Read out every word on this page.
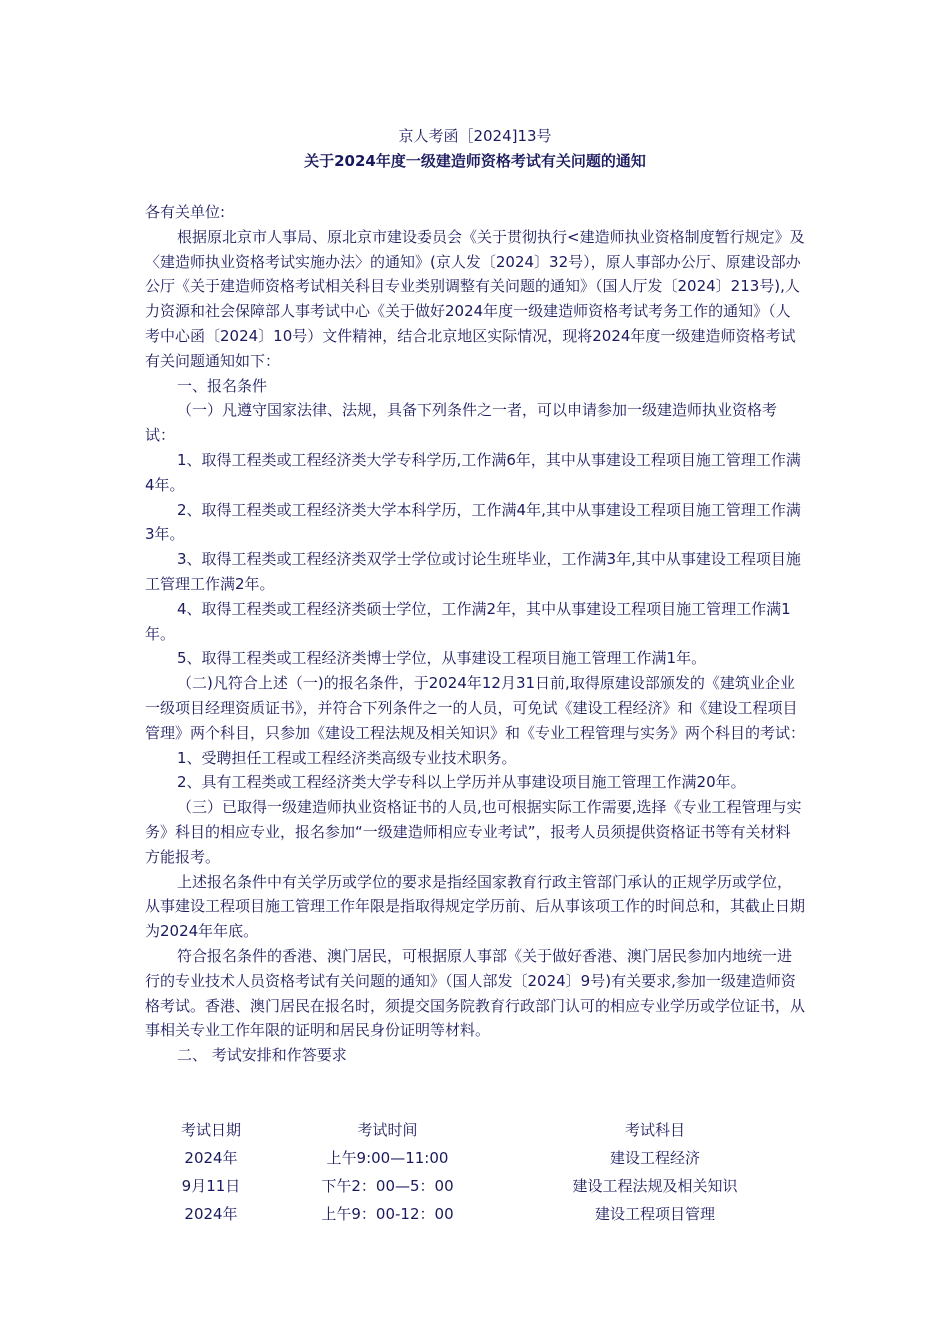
京人考函［2024]13号
关于2024年度一级建造师资格考试有关问题的通知

各有关单位:

根据原北京市人事局、原北京市建设委员会《关于贯彻执行<建造师执业资格制度暂行规定》及〈建造师执业资格考试实施办法〉的通知》(京人发〔2024〕32号），原人事部办公厅、原建设部办公厅《关于建造师资格考试相关科目专业类别调整有关问题的通知》（国人厅发〔2024〕213号),人力资源和社会保障部人事考试中心《关于做好2024年度一级建造师资格考试考务工作的通知》（人考中心函〔2024〕10号）文件精神，结合北京地区实际情况，现将2024年度一级建造师资格考试有关问题通知如下：

一、报名条件

（一）凡遵守国家法律、法规，具备下列条件之一者，可以申请参加一级建造师执业资格考试：

1、取得工程类或工程经济类大学专科学历,工作满6年，其中从事建设工程项目施工管理工作满4年。

2、取得工程类或工程经济类大学本科学历，工作满4年,其中从事建设工程项目施工管理工作满3年。

3、取得工程类或工程经济类双学士学位或讨论生班毕业，工作满3年,其中从事建设工程项目施工管理工作满2年。

4、取得工程类或工程经济类硕士学位，工作满2年，其中从事建设工程项目施工管理工作满1年。

5、取得工程类或工程经济类博士学位，从事建设工程项目施工管理工作满1年。

（二)凡符合上述（一)的报名条件，于2024年12月31日前,取得原建设部颁发的《建筑业企业一级项目经理资质证书》，并符合下列条件之一的人员，可免试《建设工程经济》和《建设工程项目管理》两个科目，只参加《建设工程法规及相关知识》和《专业工程管理与实务》两个科目的考试：

1、受聘担任工程或工程经济类高级专业技术职务。

2、具有工程类或工程经济类大学专科以上学历并从事建设项目施工管理工作满20年。

（三）已取得一级建造师执业资格证书的人员,也可根据实际工作需要,选择《专业工程管理与实务》科目的相应专业，报名参加“一级建造师相应专业考试”，报考人员须提供资格证书等有关材料方能报考。

上述报名条件中有关学历或学位的要求是指经国家教育行政主管部门承认的正规学历或学位，从事建设工程项目施工管理工作年限是指取得规定学历前、后从事该项工作的时间总和，其截止日期为2024年年底。

符合报名条件的香港、澳门居民，可根据原人事部《关于做好香港、澳门居民参加内地统一进行的专业技术人员资格考试有关问题的通知》（国人部发〔2024〕9号)有关要求,参加一级建造师资格考试。香港、澳门居民在报名时，须提交国务院教育行政部门认可的相应专业学历或学位证书，从事相关专业工作年限的证明和居民身份证明等材料。

二、 考试安排和作答要求

考试日期	考试时间	考试科目
2024年	上午9:00—11:00	建设工程经济
9月11日	下午2：00—5：00	建设工程法规及相关知识
2024年	上午9：00-12：00	建设工程项目管理
